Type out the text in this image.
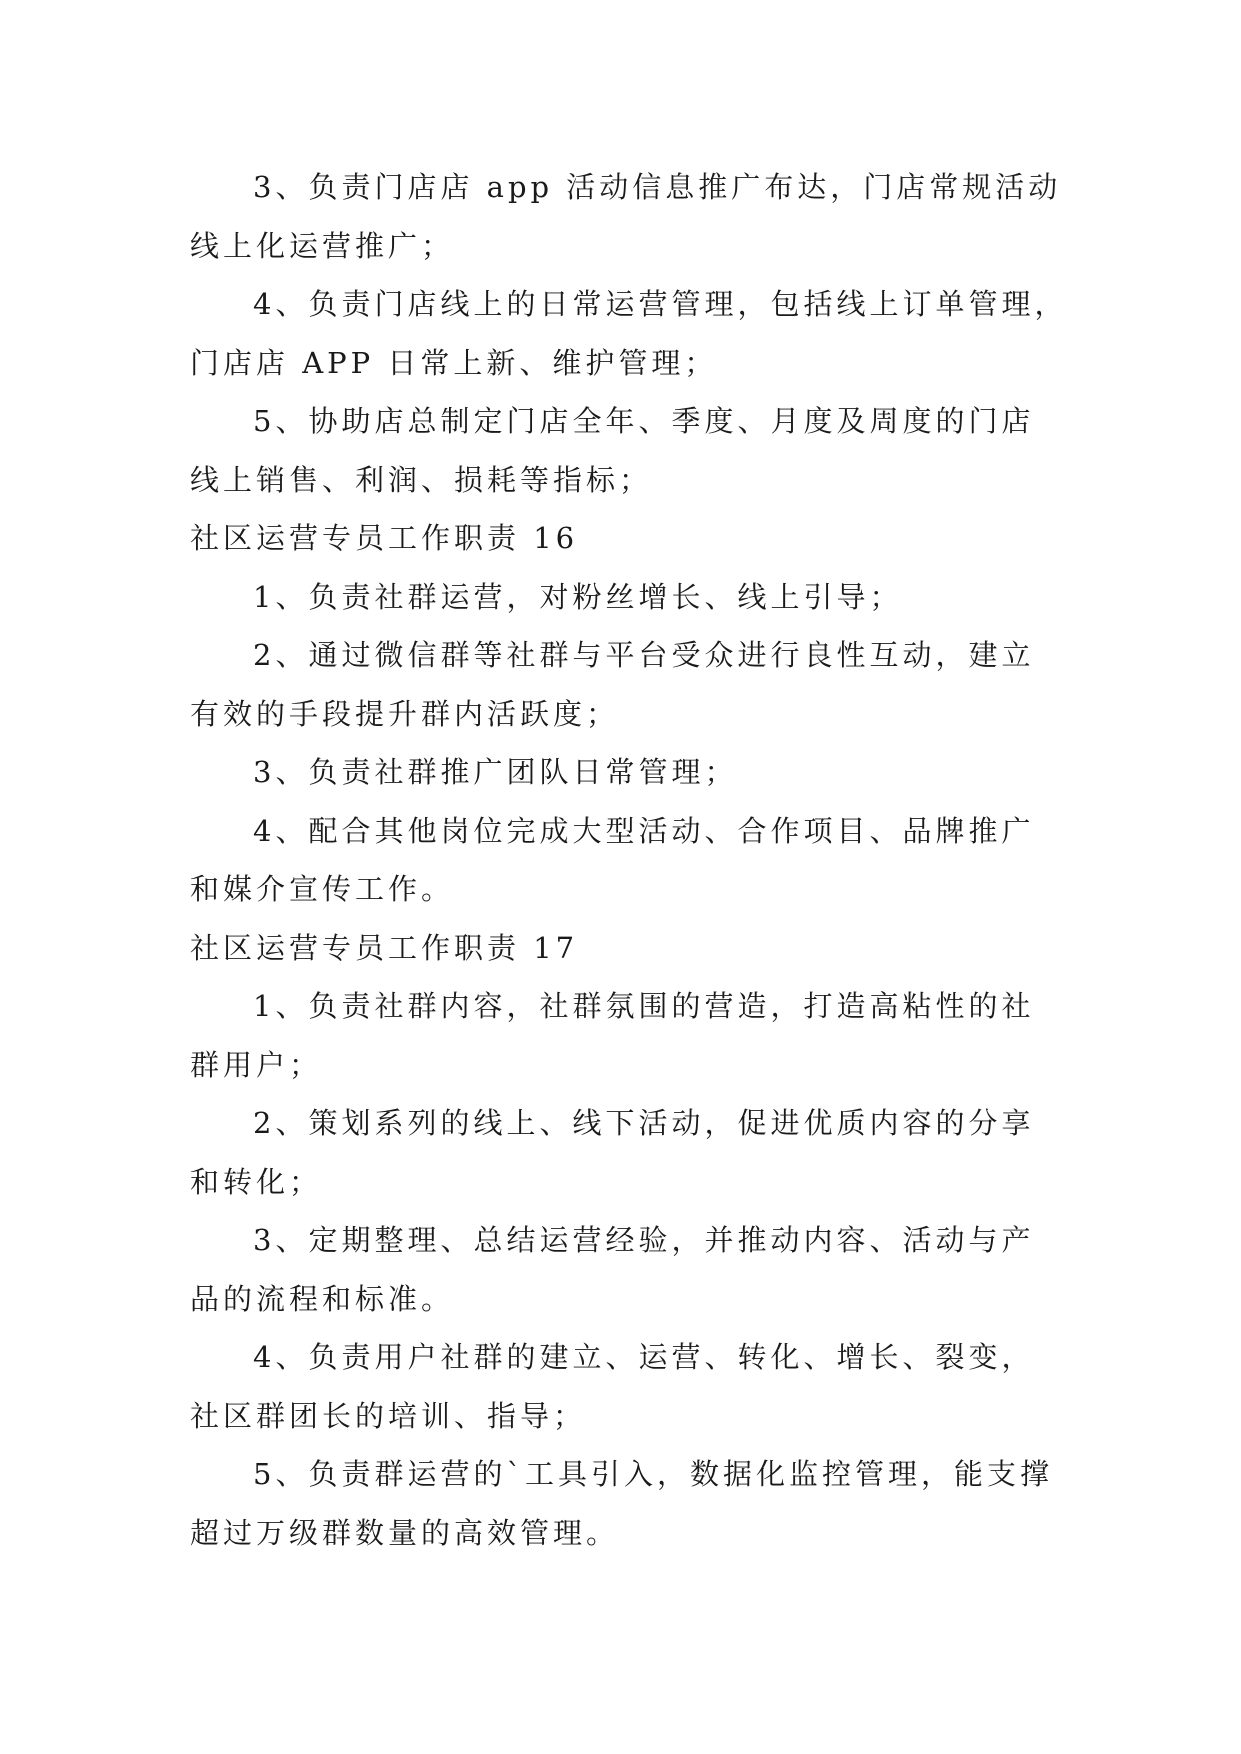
3、负责门店店 app 活动信息推广布达，门店常规活动
线上化运营推广；
4、负责门店线上的日常运营管理，包括线上订单管理，
门店店 APP 日常上新、维护管理；
5、协助店总制定门店全年、季度、月度及周度的门店
线上销售、利润、损耗等指标；
社区运营专员工作职责 16
1、负责社群运营，对粉丝增长、线上引导；
2、通过微信群等社群与平台受众进行良性互动，建立
有效的手段提升群内活跃度；
3、负责社群推广团队日常管理；
4、配合其他岗位完成大型活动、合作项目、品牌推广
和媒介宣传工作。
社区运营专员工作职责 17
1、负责社群内容，社群氛围的营造，打造高粘性的社
群用户；
2、策划系列的线上、线下活动，促进优质内容的分享
和转化；
3、定期整理、总结运营经验，并推动内容、活动与产
品的流程和标准。
4、负责用户社群的建立、运营、转化、增长、裂变，
社区群团长的培训、指导；
5、负责群运营的`工具引入，数据化监控管理，能支撑
超过万级群数量的高效管理。
